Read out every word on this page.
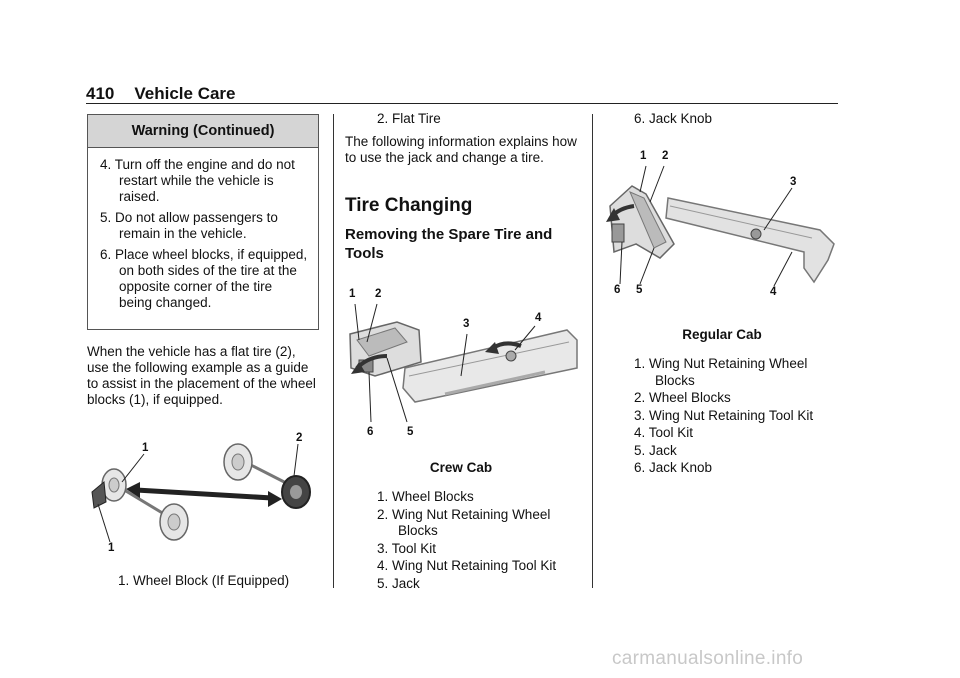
410 Vehicle Care
Warning (Continued)
4. Turn off the engine and do not restart while the vehicle is raised.
5. Do not allow passengers to remain in the vehicle.
6. Place wheel blocks, if equipped, on both sides of the tire at the opposite corner of the tire being changed.
When the vehicle has a flat tire (2), use the following example as a guide to assist in the placement of the wheel blocks (1), if equipped.
1
2
1
1. Wheel Block (If Equipped)
2. Flat Tire
The following information explains how to use the jack and change a tire.
Tire Changing
Removing the Spare Tire and Tools
1 2
3	4
6	5
Crew Cab
1. Wheel Blocks
2. Wing Nut Retaining Wheel Blocks
3. Tool Kit
4. Wing Nut Retaining Tool Kit
5. Jack
6. Jack Knob
1 2
3
6 5	4
Regular Cab
1. Wing Nut Retaining Wheel Blocks
2. Wheel Blocks
3. Wing Nut Retaining Tool Kit
4. Tool Kit
5. Jack
6. Jack Knob
carmanualsonline.info
